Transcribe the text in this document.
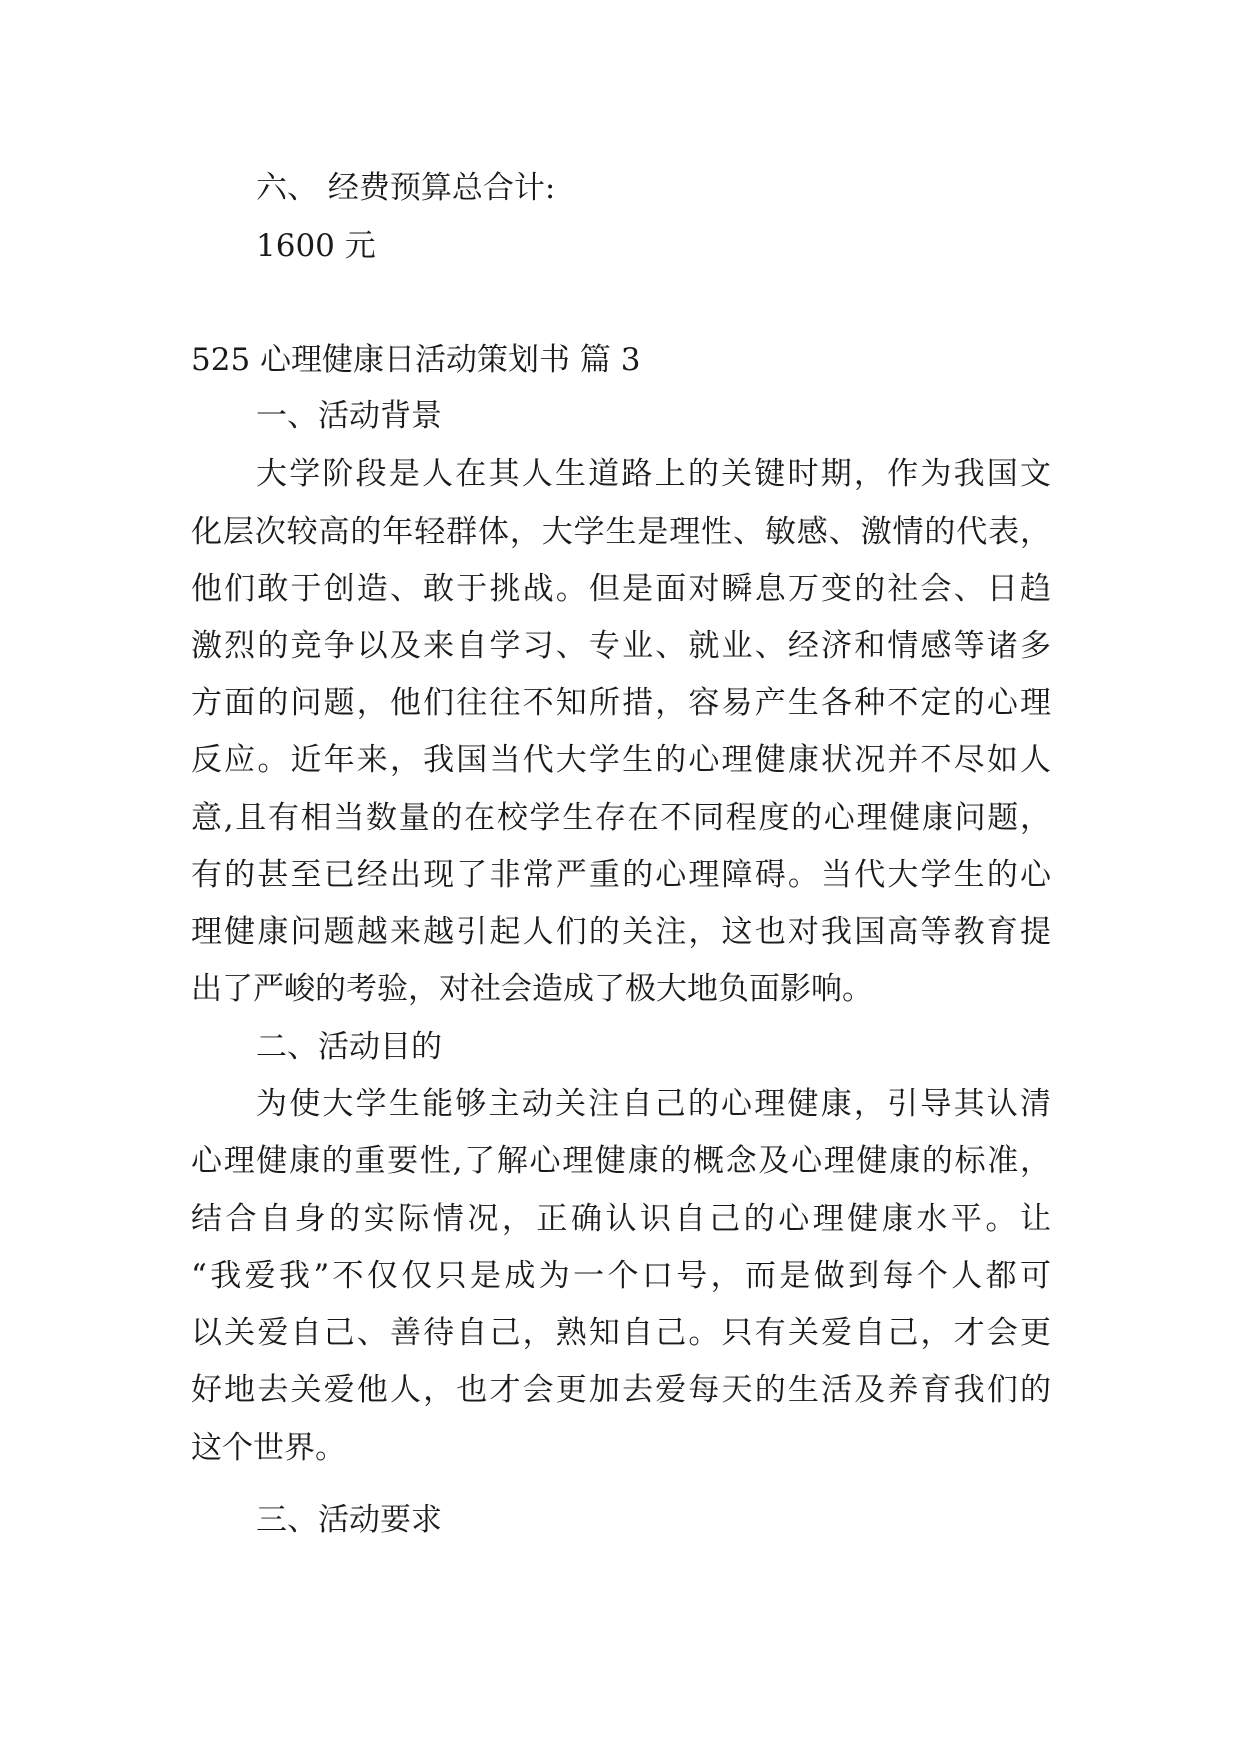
六、 经费预算总合计:
1600 元
525 心理健康日活动策划书 篇 3
一、活动背景
大学阶段是人在其人生道路上的关键时期，作为我国文
化层次较高的年轻群体，大学生是理性、敏感、激情的代表，
他们敢于创造、敢于挑战。但是面对瞬息万变的社会、日趋
激烈的竞争以及来自学习、专业、就业、经济和情感等诸多
方面的问题，他们往往不知所措，容易产生各种不定的心理
反应。近年来，我国当代大学生的心理健康状况并不尽如人
意,且有相当数量的在校学生存在不同程度的心理健康问题，
有的甚至已经出现了非常严重的心理障碍。当代大学生的心
理健康问题越来越引起人们的关注，这也对我国高等教育提
出了严峻的考验，对社会造成了极大地负面影响。
二、活动目的
为使大学生能够主动关注自己的心理健康，引导其认清
心理健康的重要性,了解心理健康的概念及心理健康的标准，
结合自身的实际情况，正确认识自己的心理健康水平。让
“我爱我”不仅仅只是成为一个口号，而是做到每个人都可
以关爱自己、善待自己，熟知自己。只有关爱自己，才会更
好地去关爱他人，也才会更加去爱每天的生活及养育我们的
这个世界。
三、活动要求
